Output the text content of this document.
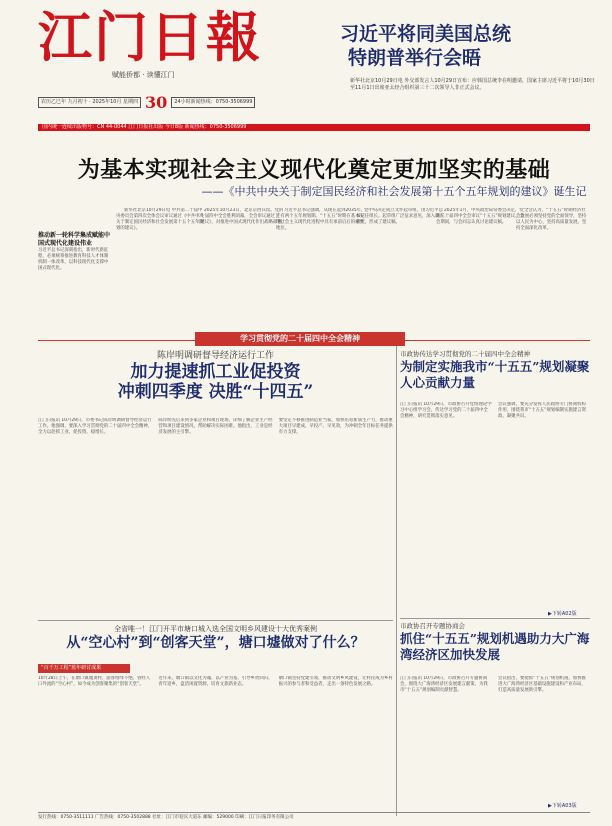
江门日報
赋能侨都 · 读懂江门
习近平将同美国总统
特朗普举行会晤
农历乙巳年 九月初十 · 2025年10月 星期四 30	24小时新闻热线：0750-3506999
新华社北京10月29日电 外交部发言人10月29日宣布：应韩国总统李在明邀请，国家主席习近平将于10月30日至11月1日出席亚太经合组织第三十二次领导人非正式会议。
国内统一连续出版物号：CN 44-0044 江门日报社出版 今日8版 新闻热线：0750-3506999
为基本实现社会主义现代化奠定更加坚实的基础
——《中共中央关于制定国民经济和社会发展第十五个五年规划的建议》诞生记
推动新一轮科学集成赋能中国式现代化建设伟业
习近平总书记深刻指出，新时代新征程，必须统筹推进教育科技人才体制机制一体改革，以科技现代化支撑中国式现代化。

新华社北京10月29日电 中共第二十届中央委员会第四次全体会议审议通过《中共中央关于制定国民经济和社会发展第十五个五年规划的建议》。

2025年10月23日，北京京西宾馆。党的二十届四中全会胜利闭幕，全会审议通过了《建议》，对推进中国式现代化作出战略部署。

习近平总书记强调，从现在起到2035年，还有两个五年规划期。“十五五”时期在基本实现社会主义现代化进程中具有承前启后的重要地位。

党中央决定成立文件起草组，由习近平总书记任组长。起草组广泛征求意见，深入调查研究，形成了建议稿。

2025年1月，中央政治局常委会决定，党的二十届四中全会审议“十五五”规划建议。全会期间，与会同志认真讨论建议稿。

全会认为，“十五五”时期经济社会发展必须坚持党的全面领导，坚持以人民为中心，坚持高质量发展，坚持全面深化改革。

学习贯彻党的二十届四中全会精神
陈岸明调研督导经济运行工作
加力提速抓工业促投资
冲刺四季度 决胜“十四五”
江门日报讯 10月29日，市委书记陈岸明调研督导经济运行工作。他强调，要深入学习贯彻党的二十届四中全会精神，全力以赴抓工业、促投资、稳增长。
陈岸明先后来到多家企业和项目现场，详细了解企业生产经营和项目建设情况，帮助解决实际困难。他指出，工业是经济发展的主引擎。
要坚定不移推进制造业当家，加快培育新质生产力，推动重大项目早建成、早投产、早见效，为冲刺全年目标任务提供有力支撑。
市政协传达学习贯彻党的二十届四中全会精神
为制定实施我市“十五五”规划凝聚人心贡献力量
江门日报讯 10月29日，市政协召开党组理论学习中心组学习会，传达学习党的二十届四中全会精神，研究贯彻落实意见。
会议强调，要充分发挥人民政协专门协商机构作用，围绕我市“十五五”规划编制实施建言资政、凝聚共识。
▶下转A02版
全省唯一！江门开平市塘口城入选全国文明乡风建设十大优秀案例
从“空心村”到“创客天堂”，塘口墟做对了什么？
“百千万工程”蓝年研讨成果
10月28日上午，在塘口镇墟顶村，游客络绎不绝。曾经人口外流的“空心村”，如今成为创客聚集的“创客天堂”。
近年来，塘口镇以文化为魂、以产业为基，引导乡贤回归、青年返乡，盘活闲置资源，培育文旅新业态。
塘口镇坚持党建引领，推动文明乡风建设，让村民成为乡村振兴的参与者和受益者，走出一条特色发展之路。
市政协召开专题协商会
抓住“十五五”规划机遇助力大广海湾经济区加快发展
江门日报讯 10月29日，市政协召开专题协商会，围绕大广海湾经济区发展建言献策，为我市“十五五”规划编制贡献智慧。
会议指出，要抢抓“十五五”规划机遇，加快推进大广海湾经济区基础设施建设和产业布局，打造高质量发展新引擎。
▶下转A03版
发行热线：0750-3511111 广告热线：0750-3502888 社址：江门市迎宾大道东 邮编：529000 印刷：江门日报印务有限公司
